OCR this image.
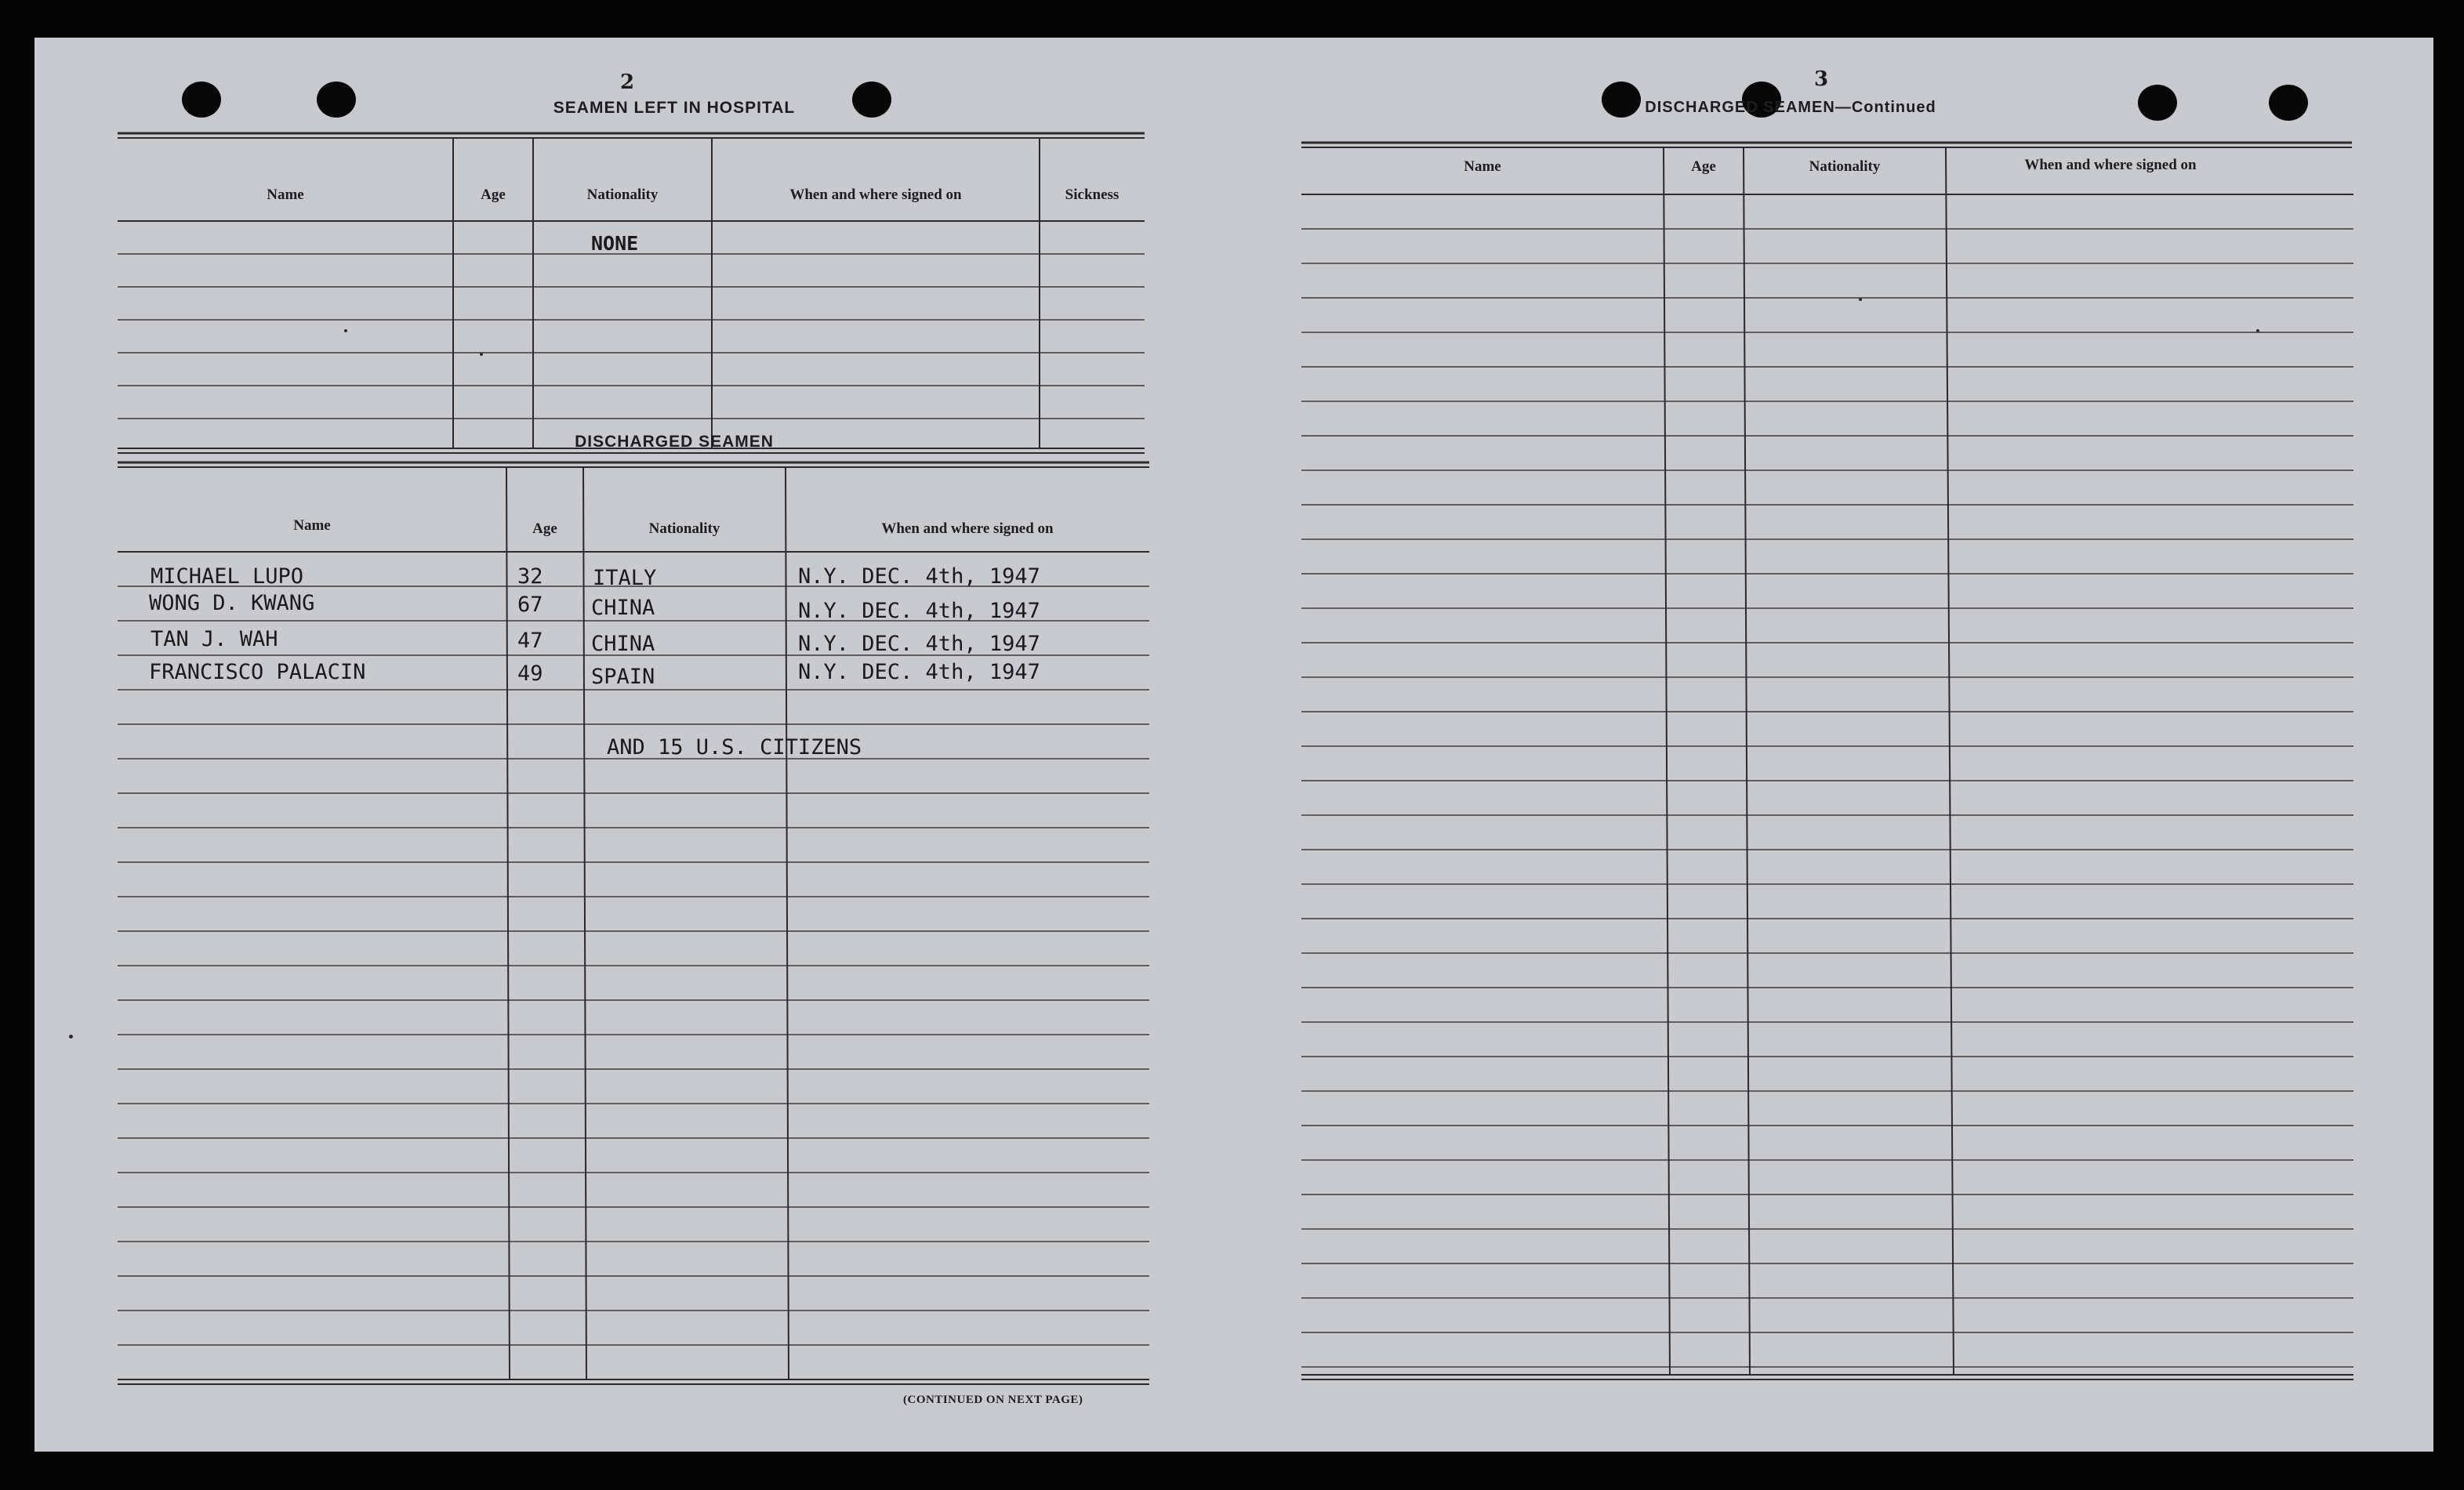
2
SEAMEN LEFT IN HOSPITAL
Name	Age	Nationality	When and where signed on	Sickness
NONE
DISCHARGED SEAMEN
Name	Age	Nationality	When and where signed on
MICHAEL LUPO	32 ITALY	N.Y. DEC. 4th, 1947
WONG D. KWANG	67 CHINA	N.Y. DEC. 4th, 1947
TAN J. WAH	47 CHINA	N.Y. DEC. 4th, 1947
FRANCISCO PALACIN	49 SPAIN	N.Y. DEC. 4th, 1947
AND 15 U.S. CITIZENS
(CONTINUED ON NEXT PAGE)
3
DISCHARGED SEAMEN—Continued
Name	Age	Nationality	When and where signed on
